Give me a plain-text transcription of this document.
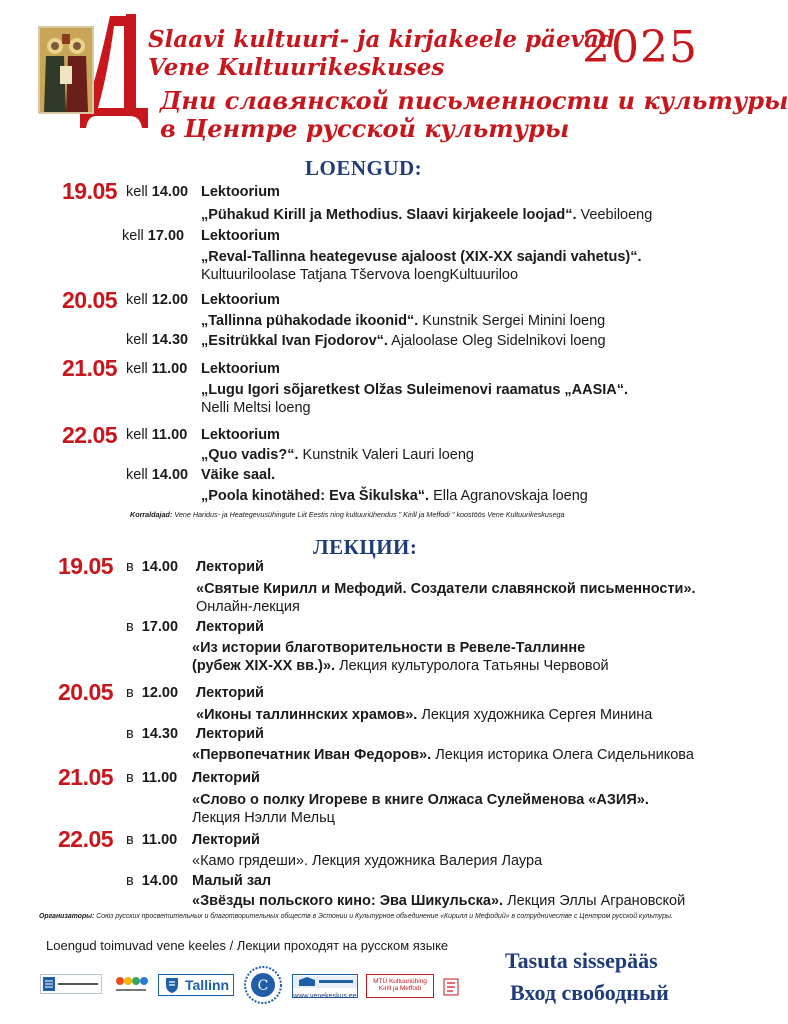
Slaavi kultuuri- ja kirjakeele päevad
Vene Kultuurikeskuses
Дни славянской письменности и культуры
в Центре русской культуры
2025
LOENGUD:
19.05 kell 14.00 Lektoorium
„Pühakud Kirill ja Methodius. Slaavi kirjakeele loojad“. Veebiloeng
kell 17.00 Lektoorium
„Reval-Tallinna heategevuse ajaloost (XIX-XX sajandi vahetus)“.
Kultuuriloolase Tatjana Tšervova loengKultuuriloo
20.05 kell 12.00 Lektoorium
„Tallinna pühakodade ikoonid“. Kunstnik Sergei Minini loeng
kell 14.30 „Esitrükkal Ivan Fjodorov“. Ajaloolase Oleg Sidelnikovi loeng
21.05 kell 11.00 Lektoorium
„Lugu Igori sõjaretkest Olžas Suleimenovi raamatus „AASIA“.
Nelli Meltsi loeng
22.05 kell 11.00 Lektoorium
„Quo vadis?“. Kunstnik Valeri Lauri loeng
kell 14.00 Väike saal.
„Poola kinotähed: Eva Šikulska“. Ella Agranovskaja loeng
Korraldajad: Vene Haridus- ja Heategevusühingute Liit Eestis ning kultuuriühendus " Kirill ja Meffodi " koostöös Vene Kultuurikeskusega
ЛЕКЦИИ:
19.05 в 14.00 Лекторий
«Святые Кирилл и Мефодий. Создатели славянской письменности».
Онлайн-лекция
в 17.00 Лекторий
«Из истории благотворительности в Ревеле-Таллинне
(рубеж XIX-XX вв.)». Лекция культуролога Татьяны Червовой
20.05 в 12.00 Лекторий
«Иконы таллиннских храмов». Лекция художника Сергея Минина
в 14.30 Лекторий
«Первопечатник Иван Федоров». Лекция историка Олега Сидельникова
21.05 в 11.00 Лекторий
«Слово о полку Игореве в книге Олжаса Сулейменова «АЗИЯ».
Лекция Нэлли Мельц
22.05 в 11.00 Лекторий
«Камо грядеши». Лекция художника Валерия Лаура
в 14.00 Малый зал
«Звёзды польского кино: Эва Шикульска». Лекция Эллы Аграновской
Организаторы: Союз русских просветительных и благотворительных обществ в Эстонии и Культурное объединение «Кирилл и Мефодий» в сотрудничестве с Центром русской культуры.
Loengud toimuvad vene keeles / Лекции проходят на русском языке
Tasuta sissepääs
Вход свободный
Tallinn С
www.venekeskus.ee
MTÜ Kultuuriühing
Kirill ja Meffodi
